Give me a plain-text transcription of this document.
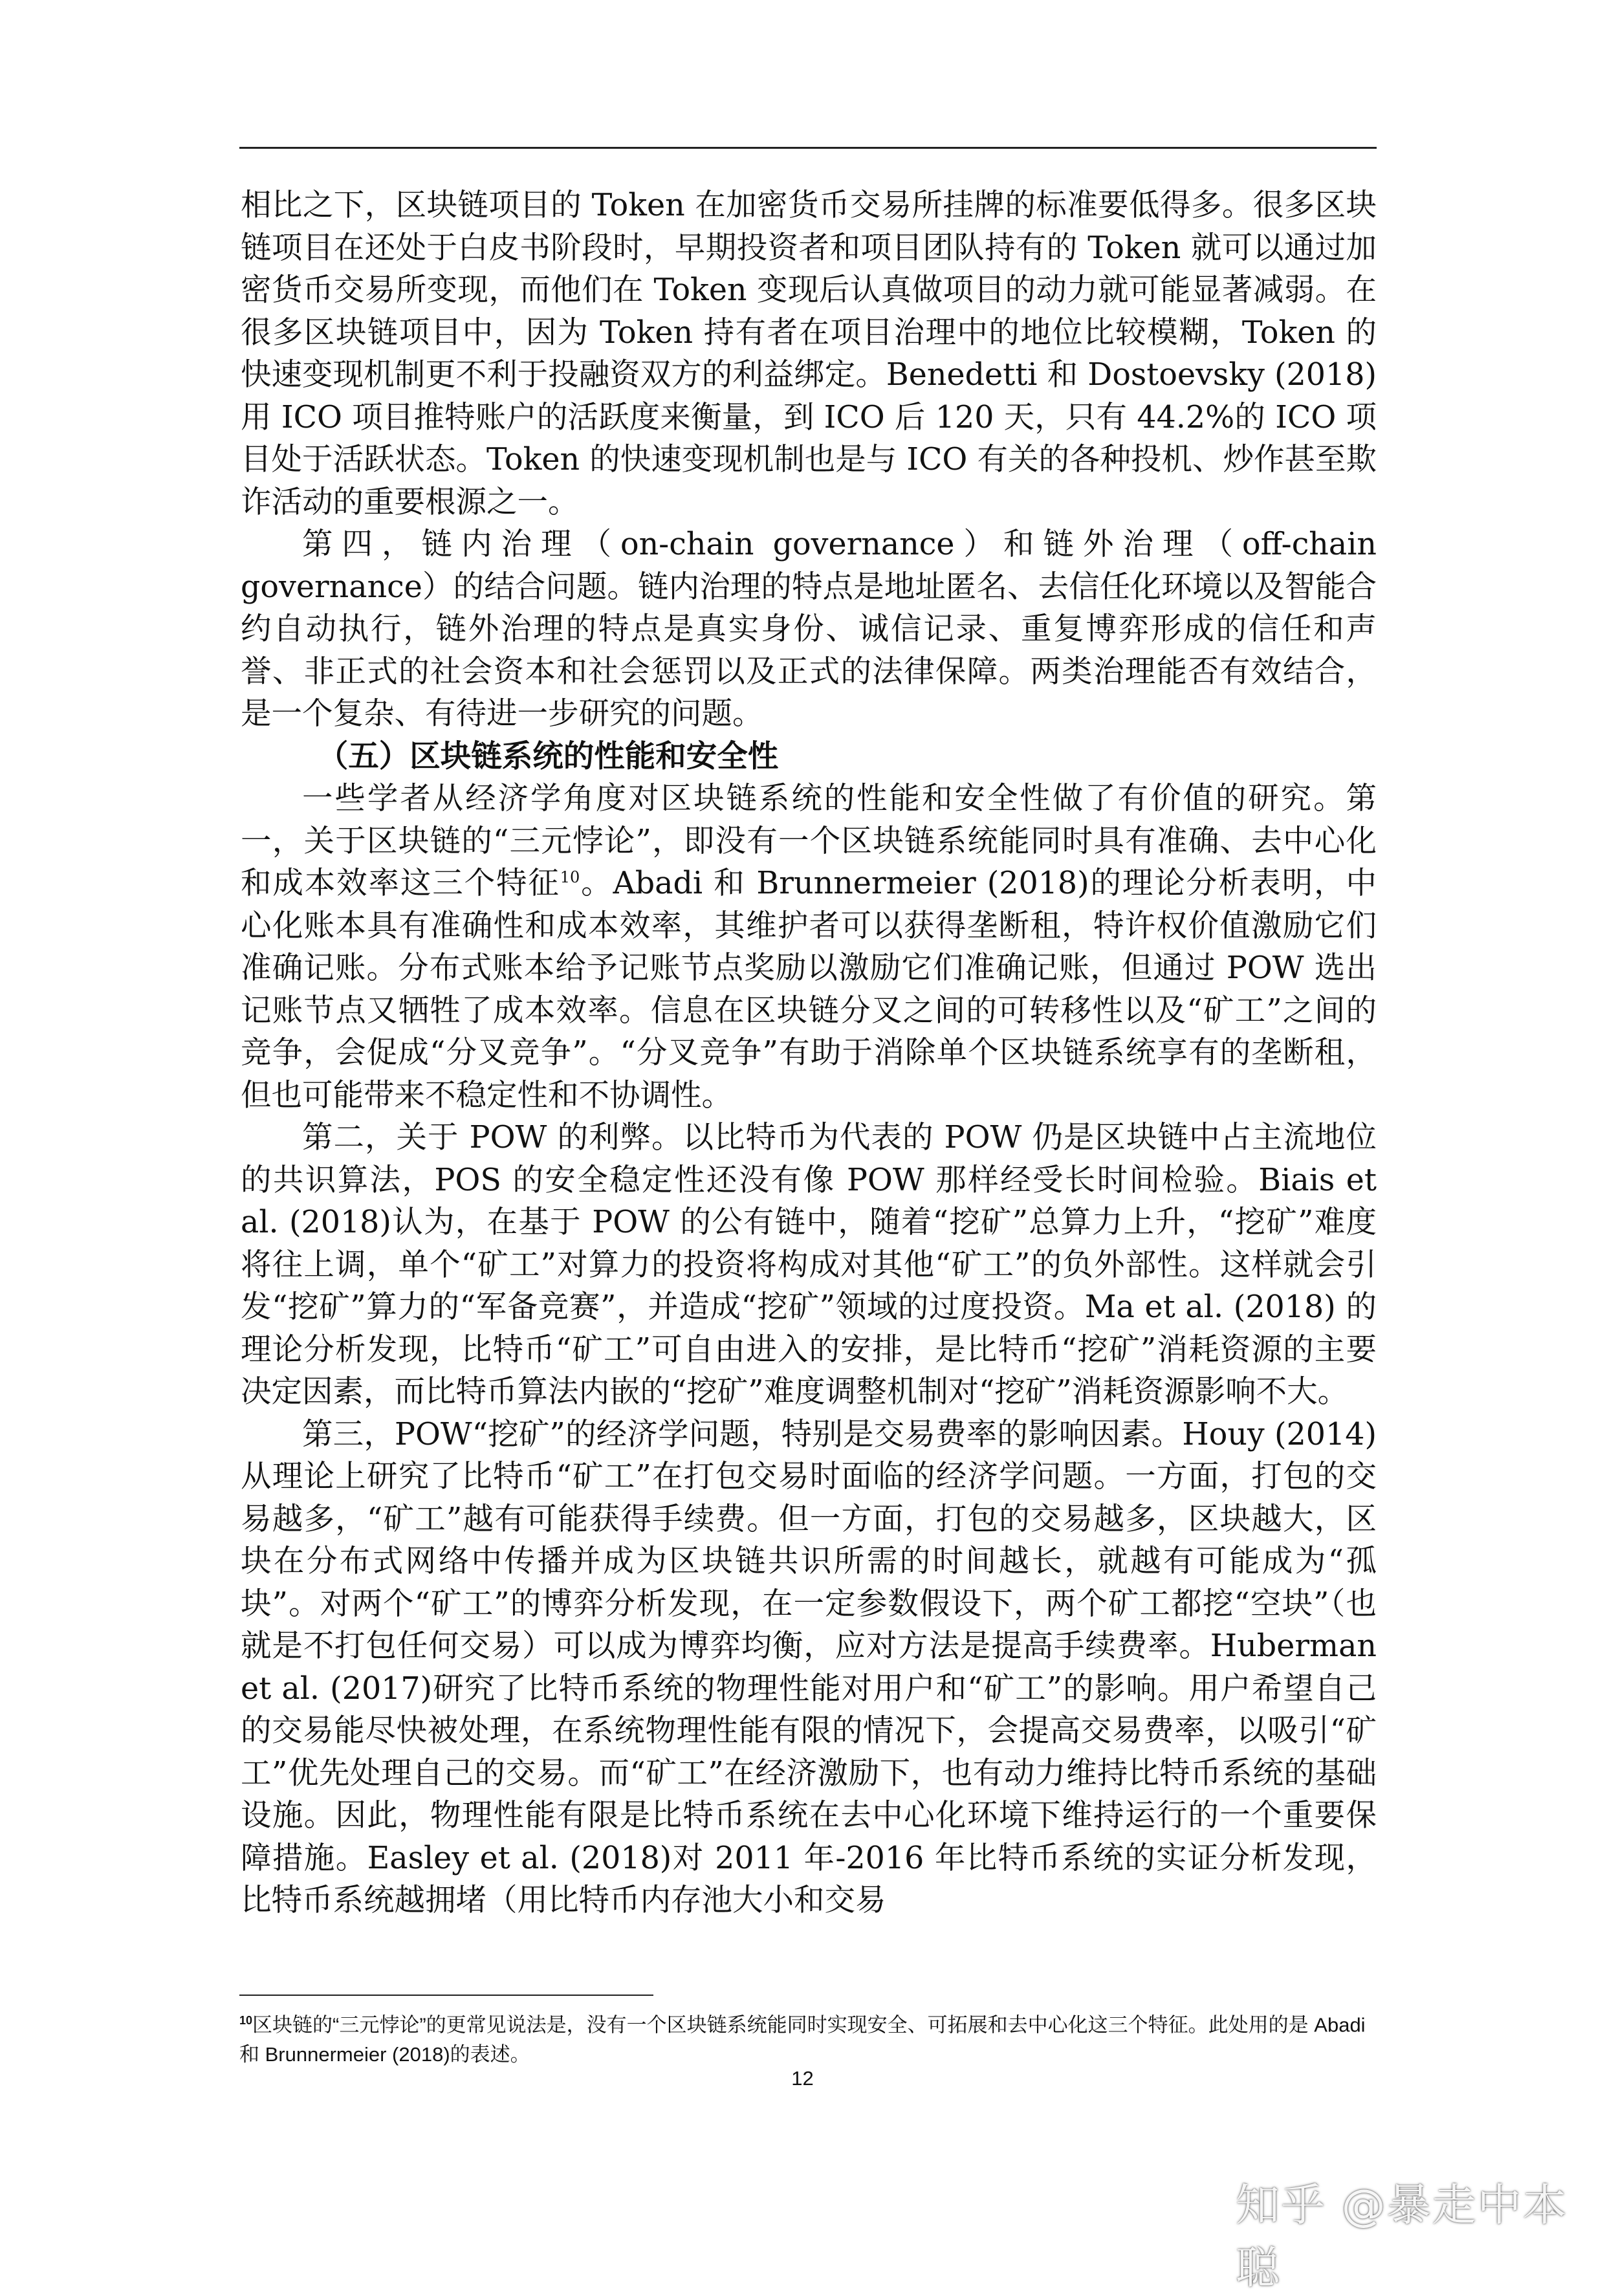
相比之下，区块链项目的 Token 在加密货币交易所挂牌的标准要低得多。很多区块链项目在还处于白皮书阶段时，早期投资者和项目团队持有的 Token 就可以通过加密货币交易所变现，而他们在 Token 变现后认真做项目的动力就可能显著减弱。在很多区块链项目中，因为 Token 持有者在项目治理中的地位比较模糊，Token 的快速变现机制更不利于投融资双方的利益绑定。Benedetti 和 Dostoevsky (2018)用 ICO 项目推特账户的活跃度来衡量，到 ICO 后 120 天，只有 44.2%的 ICO 项目处于活跃状态。Token 的快速变现机制也是与 ICO 有关的各种投机、炒作甚至欺诈活动的重要根源之一。

第四，链内治理（on-chain governance）和链外治理（off-chain governance）的结合问题。链内治理的特点是地址匿名、去信任化环境以及智能合约自动执行，链外治理的特点是真实身份、诚信记录、重复博弈形成的信任和声誉、非正式的社会资本和社会惩罚以及正式的法律保障。两类治理能否有效结合，是一个复杂、有待进一步研究的问题。

（五）区块链系统的性能和安全性

一些学者从经济学角度对区块链系统的性能和安全性做了有价值的研究。第一，关于区块链的“三元悖论”，即没有一个区块链系统能同时具有准确、去中心化和成本效率这三个特征$^{10}$。Abadi 和 Brunnermeier (2018)的理论分析表明，中心化账本具有准确性和成本效率，其维护者可以获得垄断租，特许权价值激励它们准确记账。分布式账本给予记账节点奖励以激励它们准确记账，但通过 POW 选出记账节点又牺牲了成本效率。信息在区块链分叉之间的可转移性以及“矿工”之间的竞争，会促成“分叉竞争”。“分叉竞争”有助于消除单个区块链系统享有的垄断租，但也可能带来不稳定性和不协调性。

第二，关于 POW 的利弊。以比特币为代表的 POW 仍是区块链中占主流地位的共识算法，POS 的安全稳定性还没有像 POW 那样经受长时间检验。Biais et al. (2018)认为，在基于 POW 的公有链中，随着“挖矿”总算力上升，“挖矿”难度将往上调，单个“矿工”对算力的投资将构成对其他“矿工”的负外部性。这样就会引发“挖矿”算力的“军备竞赛”，并造成“挖矿”领域的过度投资。Ma et al. (2018) 的理论分析发现，比特币“矿工”可自由进入的安排，是比特币“挖矿”消耗资源的主要决定因素，而比特币算法内嵌的“挖矿”难度调整机制对“挖矿”消耗资源影响不大。

第三，POW“挖矿”的经济学问题，特别是交易费率的影响因素。Houy (2014)从理论上研究了比特币“矿工”在打包交易时面临的经济学问题。一方面，打包的交易越多，“矿工”越有可能获得手续费。但一方面，打包的交易越多，区块越大，区块在分布式网络中传播并成为区块链共识所需的时间越长，就越有可能成为“孤块”。对两个“矿工”的博弈分析发现，在一定参数假设下，两个矿工都挖“空块”（也就是不打包任何交易）可以成为博弈均衡，应对方法是提高手续费率。Huberman et al. (2017)研究了比特币系统的物理性能对用户和“矿工”的影响。用户希望自己的交易能尽快被处理，在系统物理性能有限的情况下，会提高交易费率，以吸引“矿工”优先处理自己的交易。而“矿工”在经济激励下，也有动力维持比特币系统的基础设施。因此，物理性能有限是比特币系统在去中心化环境下维持运行的一个重要保障措施。Easley et al. (2018)对 2011 年-2016 年比特币系统的实证分析发现，比特币系统越拥堵（用比特币内存池大小和交易

$^{10}$区块链的“三元悖论”的更常见说法是，没有一个区块链系统能同时实现安全、可拓展和去中心化这三个特征。此处用的是 Abadi 和 Brunnermeier (2018)的表述。
12
知乎 @暴走中本聪
